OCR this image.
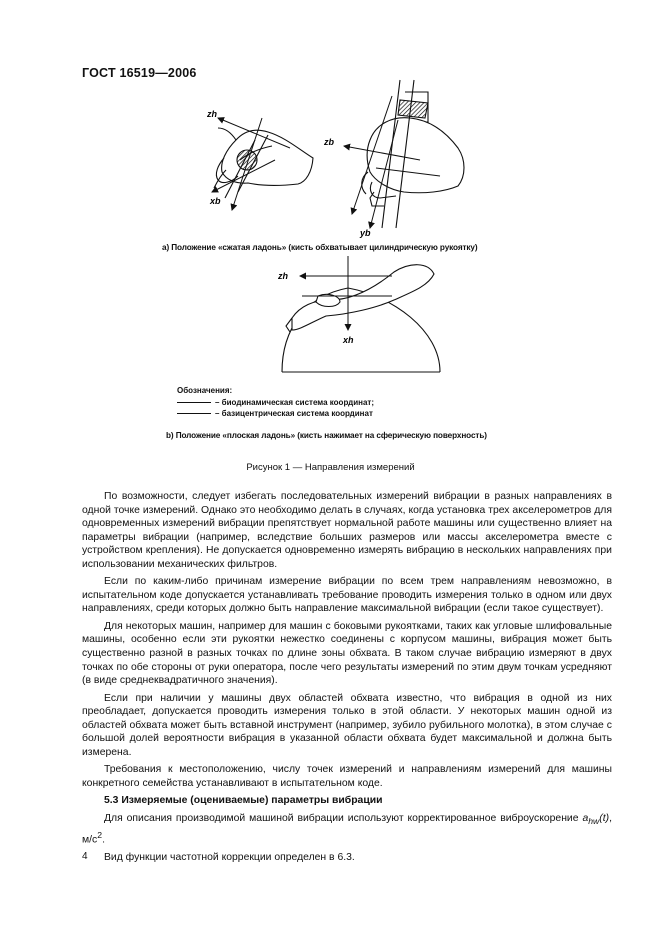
ГОСТ 16519—2006
zh
xb
zb
yb
zh
xh
a) Положение «сжатая ладонь» (кисть обхватывает цилиндрическую рукоятку)
Обозначения:
– биодинамическая система координат;
– базицентрическая система координат
b) Положение «плоская ладонь» (кисть нажимает на сферическую поверхность)
Рисунок 1 — Направления измерений

По возможности, следует избегать последовательных измерений вибрации в разных направлениях в одной точке измерений. Однако это необходимо делать в случаях, когда установка трех акселерометров для одновременных измерений вибрации препятствует нормальной работе машины или существенно влияет на параметры вибрации (например, вследствие больших размеров или массы акселерометра вместе с устройством крепления). Не допускается одновременно измерять вибрацию в нескольких направлениях при использовании механических фильтров.

Если по каким-либо причинам измерение вибрации по всем трем направлениям невозможно, в испытательном коде допускается устанавливать требование проводить измерения только в одном или двух направлениях, среди которых должно быть направление максимальной вибрации (если такое существует).

Для некоторых машин, например для машин с боковыми рукоятками, таких как угловые шлифовальные машины, особенно если эти рукоятки нежестко соединены с корпусом машины, вибрация может быть существенно разной в разных точках по длине зоны обхвата. В таком случае вибрацию измеряют в двух точках по обе стороны от руки оператора, после чего результаты измерений по этим двум точкам усредняют (в виде среднеквадратичного значения).

Если при наличии у машины двух областей обхвата известно, что вибрация в одной из них преобладает, допускается проводить измерения только в этой области. У некоторых машин одной из областей обхвата может быть вставной инструмент (например, зубило рубильного молотка), в этом случае с большой долей вероятности вибрация в указанной области обхвата будет максимальной и должна быть измерена.

Требования к местоположению, числу точек измерений и направлениям измерений для машины конкретного семейства устанавливают в испытательном коде.

5.3 Измеряемые (оцениваемые) параметры вибрации

Для описания производимой машиной вибрации используют корректированное виброускорение $a_{hw}(t)$, $м/с^2$.

Вид функции частотной коррекции определен в 6.3.

4
